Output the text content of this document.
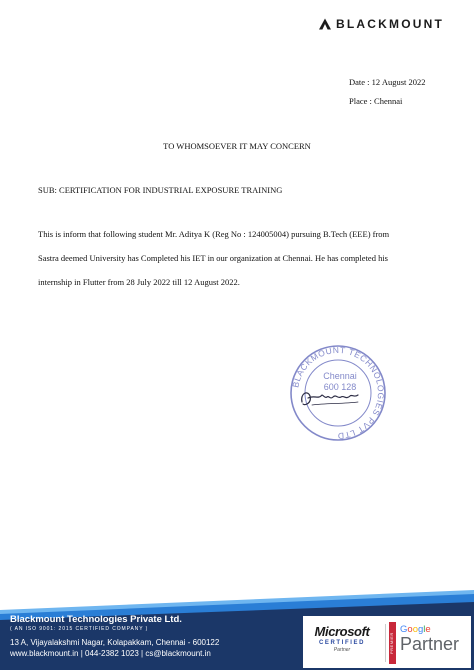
BLACKMOUNT
Date : 12 August 2022
Place : Chennai
TO WHOMSOEVER IT MAY CONCERN
SUB: CERTIFICATION FOR INDUSTRIAL EXPOSURE TRAINING

This is inform that following student Mr. Aditya K (Reg No : 124005004) pursuing B.Tech (EEE) from

Sastra deemed University has Completed his IET in our organization at Chennai. He has completed his

internship in Flutter from 28 July 2022 till 12 August 2022.

BLACKMOUNT TECHNOLOGIES PVT LTD
Chennai
600 128
Blackmount Technologies Private Ltd.
( AN ISO 9001: 2015 CERTIFIED COMPANY )
13 A, Vijayalakshmi Nagar, Kolapakkam, Chennai - 600122
www.blackmount.in | 044-2382 1023 | cs@blackmount.in
Microsoft
CERTIFIED
Partner	PREMIER
Google
Partner
